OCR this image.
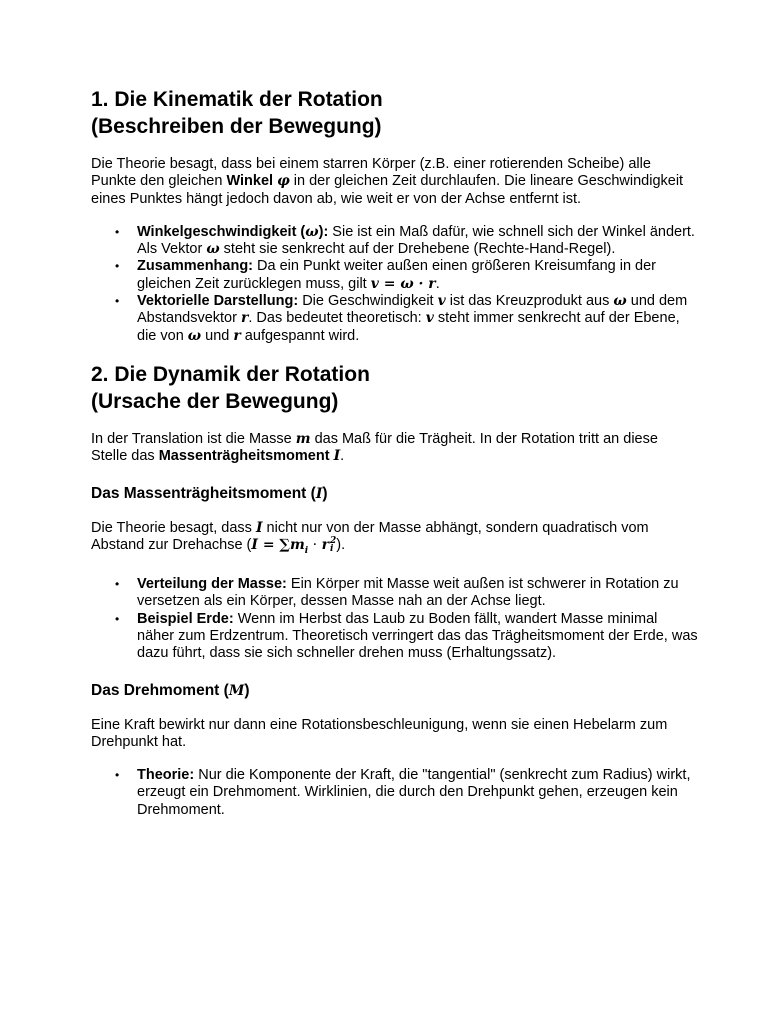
1. Die Kinematik der Rotation
(Beschreiben der Bewegung)

Die Theorie besagt, dass bei einem starren Körper (z.B. einer rotierenden Scheibe) alle Punkte den gleichen Winkel φ in der gleichen Zeit durchlaufen. Die lineare Geschwindigkeit eines Punktes hängt jedoch davon ab, wie weit er von der Achse entfernt ist.

• Winkelgeschwindigkeit (ω): Sie ist ein Maß dafür, wie schnell sich der Winkel ändert. Als Vektor ω steht sie senkrecht auf der Drehebene (Rechte-Hand-Regel).
• Zusammenhang: Da ein Punkt weiter außen einen größeren Kreisumfang in der gleichen Zeit zurücklegen muss, gilt v = ω · r.
• Vektorielle Darstellung: Die Geschwindigkeit v ist das Kreuzprodukt aus ω und dem Abstandsvektor r. Das bedeutet theoretisch: v steht immer senkrecht auf der Ebene, die von ω und r aufgespannt wird.
2. Die Dynamik der Rotation
(Ursache der Bewegung)

In der Translation ist die Masse m das Maß für die Trägheit. In der Rotation tritt an diese Stelle das Massenträgheitsmoment I.

Das Massenträgheitsmoment (I)

Die Theorie besagt, dass I nicht nur von der Masse abhängt, sondern quadratisch vom Abstand zur Drehachse ($I = \sum m_i \cdot r$ 2
i ).

• Verteilung der Masse: Ein Körper mit Masse weit außen ist schwerer in Rotation zu versetzen als ein Körper, dessen Masse nah an der Achse liegt.
• Beispiel Erde: Wenn im Herbst das Laub zu Boden fällt, wandert Masse minimal näher zum Erdzentrum. Theoretisch verringert das das Trägheitsmoment der Erde, was dazu führt, dass sie sich schneller drehen muss (Erhaltungssatz).
Das Drehmoment (M)

Eine Kraft bewirkt nur dann eine Rotationsbeschleunigung, wenn sie einen Hebelarm zum Drehpunkt hat.

• Theorie: Nur die Komponente der Kraft, die "tangential" (senkrecht zum Radius) wirkt, erzeugt ein Drehmoment. Wirklinien, die durch den Drehpunkt gehen, erzeugen kein Drehmoment.
